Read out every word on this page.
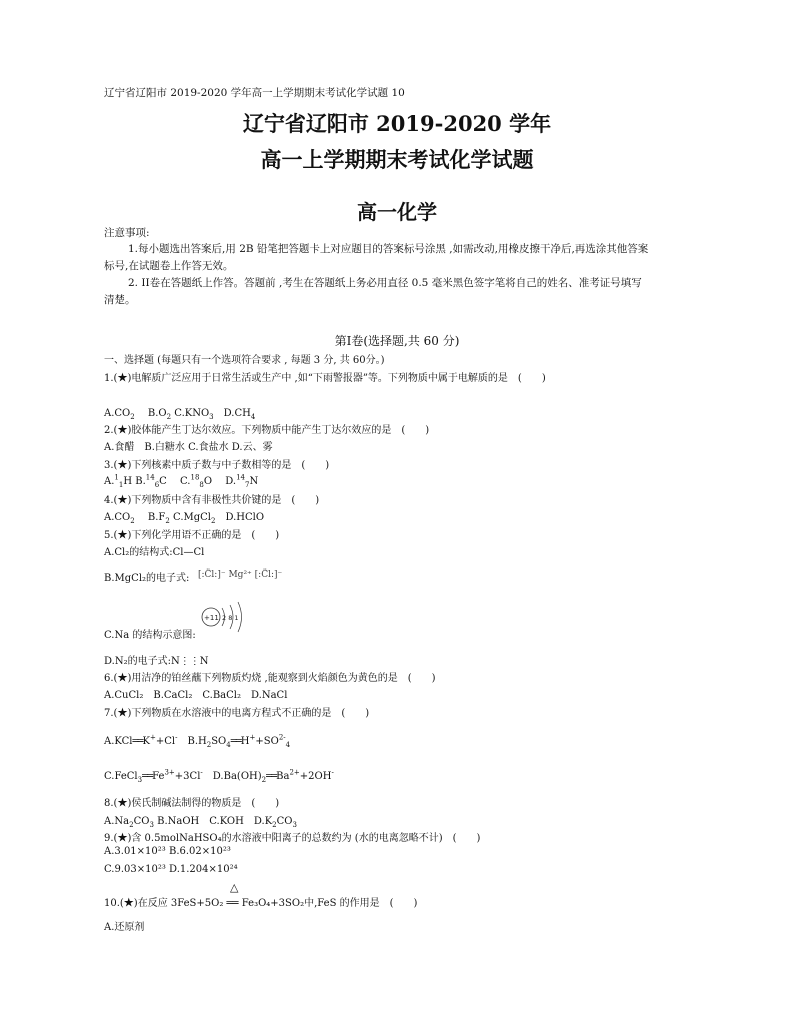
辽宁省辽阳市 2019-2020 学年高一上学期期末考试化学试题 10
辽宁省辽阳市 2019-2020 学年
高一上学期期末考试化学试题
高一化学
注意事项:
1.每小题选出答案后,用 2B 铅笔把答题卡上对应题目的答案标号涂黑 ,如需改动,用橡皮擦干净后,再选涂其他答案
标号,在试题卷上作答无效。
2. II卷在答题纸上作答。答题前 ,考生在答题纸上务必用直径 0.5 毫米黑色签字笔将自己的姓名、准考证号填写
清楚。
第Ⅰ卷(选择题,共 60 分)
一、选择题 (每题只有一个选项符合要求 , 每题 3 分, 共 60分。)
1.(★)电解质广泛应用于日常生活或生产中 ,如“下雨警报器”等。下列物质中属于电解质的是　(　　)
$A.CO_2$　 $B.O_2$ $C.KNO_3$　$D.CH_4$
2.(★)胶体能产生丁达尔效应。下列物质中能产生丁达尔效应的是　(　　)
A.食醋　B.白糖水 C.食盐水 D.云、雾
3.(★)下列核素中质子数与中子数相等的是　(　　)
A.$^1_1$H B.$^{14}_6$C　 C.$^{18}_8$O　 D.$^{14}_7$N
4.(★)下列物质中含有非极性共价键的是　(　　)
$A.CO_2$　 $B.F_2$ C.MgCl$_2$　D.HClO
5.(★)下列化学用语不正确的是　(　　)
A.Cl₂的结构式:Cl—Cl
B.MgCl₂的电子式: [:C̈l:]⁻ Mg²⁺ [:C̈l:]⁻
C.Na 的结构示意图:
+11 2 8 1
D.N₂的电子式:N⋮⋮N
6.(★)用洁净的铂丝蘸下列物质灼烧 ,能观察到火焰颜色为黄色的是　(　　)
A.CuCl₂　B.CaCl₂　C.BaCl₂　D.NaCl
7.(★)下列物质在水溶液中的电离方程式不正确的是　(　　)
A.KCl══K++Cl-　$B.H_2SO_4══H^++SO^{2-}_4$
$C.FeCl_3══Fe^{3+}+3Cl^-$　$D.Ba(OH)_2══Ba^{2+}+2OH^-$
8.(★)侯氏制碱法制得的物质是　(　　)
$A.Na_2CO_3$ B.NaOH　C.KOH　$D.K_2CO_3$
9.(★)含 0.5molNaHSO₄的水溶液中阳离子的总数约为 (水的电离忽略不计)　(　　)
A.3.01×10²³ B.6.02×10²³
C.9.03×10²³ D.1.204×10²⁴
△
10.(★)在反应 3FeS+5O₂ ══ Fe₃O₄+3SO₂中,FeS 的作用是　(　　)
A.还原剂
